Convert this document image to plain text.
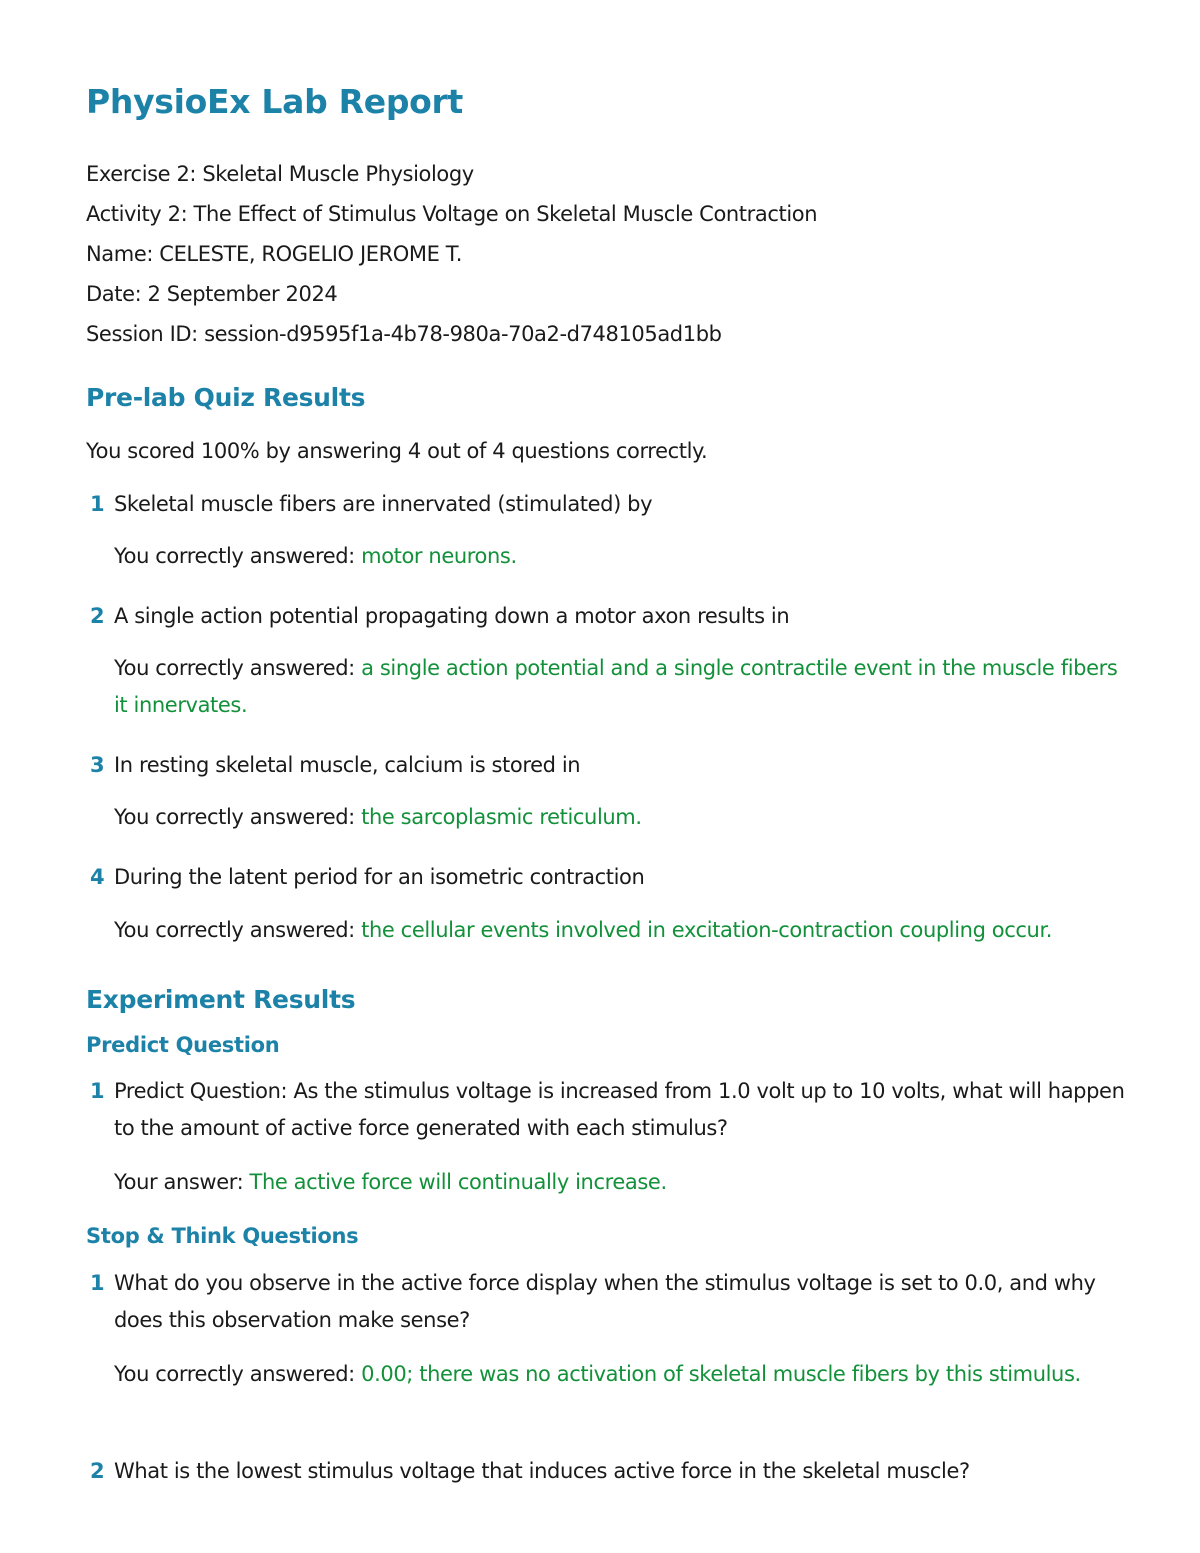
PhysioEx Lab Report
Exercise 2: Skeletal Muscle Physiology
Activity 2: The Effect of Stimulus Voltage on Skeletal Muscle Contraction
Name: CELESTE, ROGELIO JEROME T.
Date: 2 September 2024
Session ID: session-d9595f1a-4b78-980a-70a2-d748105ad1bb
Pre-lab Quiz Results
You scored 100% by answering 4 out of 4 questions correctly.
1 Skeletal muscle fibers are innervated (stimulated) by
You correctly answered: motor neurons.
2 A single action potential propagating down a motor axon results in
You correctly answered: a single action potential and a single contractile event in the muscle fibers it innervates.
3 In resting skeletal muscle, calcium is stored in
You correctly answered: the sarcoplasmic reticulum.
4 During the latent period for an isometric contraction
You correctly answered: the cellular events involved in excitation-contraction coupling occur.
Experiment Results
Predict Question
1 Predict Question: As the stimulus voltage is increased from 1.0 volt up to 10 volts, what will happen to the amount of active force generated with each stimulus?
Your answer: The active force will continually increase.
Stop & Think Questions
1 What do you observe in the active force display when the stimulus voltage is set to 0.0, and why does this observation make sense?
You correctly answered: 0.00; there was no activation of skeletal muscle fibers by this stimulus.
2 What is the lowest stimulus voltage that induces active force in the skeletal muscle?
